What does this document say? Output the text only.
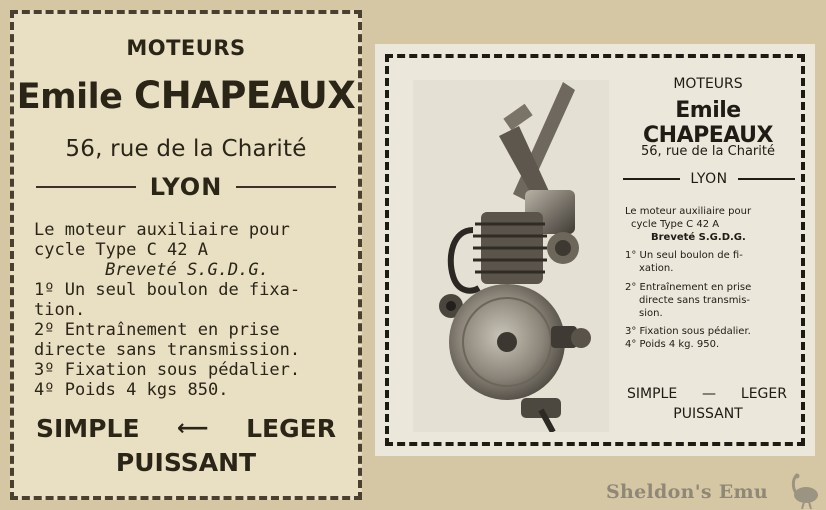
MOTEURS
Emile CHAPEAUX
56, rue de la Charité
LYON
Le moteur auxiliaire pour
cycle Type C 42 A
Breveté S.G.D.G.
1º Un seul boulon de fixa-
tion.
2º Entraînement en prise
directe sans transmission.
3º Fixation sous pédalier.
4º Poids 4 kgs 850.
SIMPLE ⟵ LEGER
PUISSANT
MOTEURS
Emile CHAPEAUX
56, rue de la Charité
LYON
Le moteur auxiliaire pour
cycle Type C 42 A
Breveté S.G.D.G.
1° Un seul boulon de fi-
xation.
2° Entraînement en prise
directe sans transmis-
sion.
3° Fixation sous pédalier.
4° Poids 4 kg. 950.
SIMPLE — LEGER
PUISSANT
Sheldon's Emu
